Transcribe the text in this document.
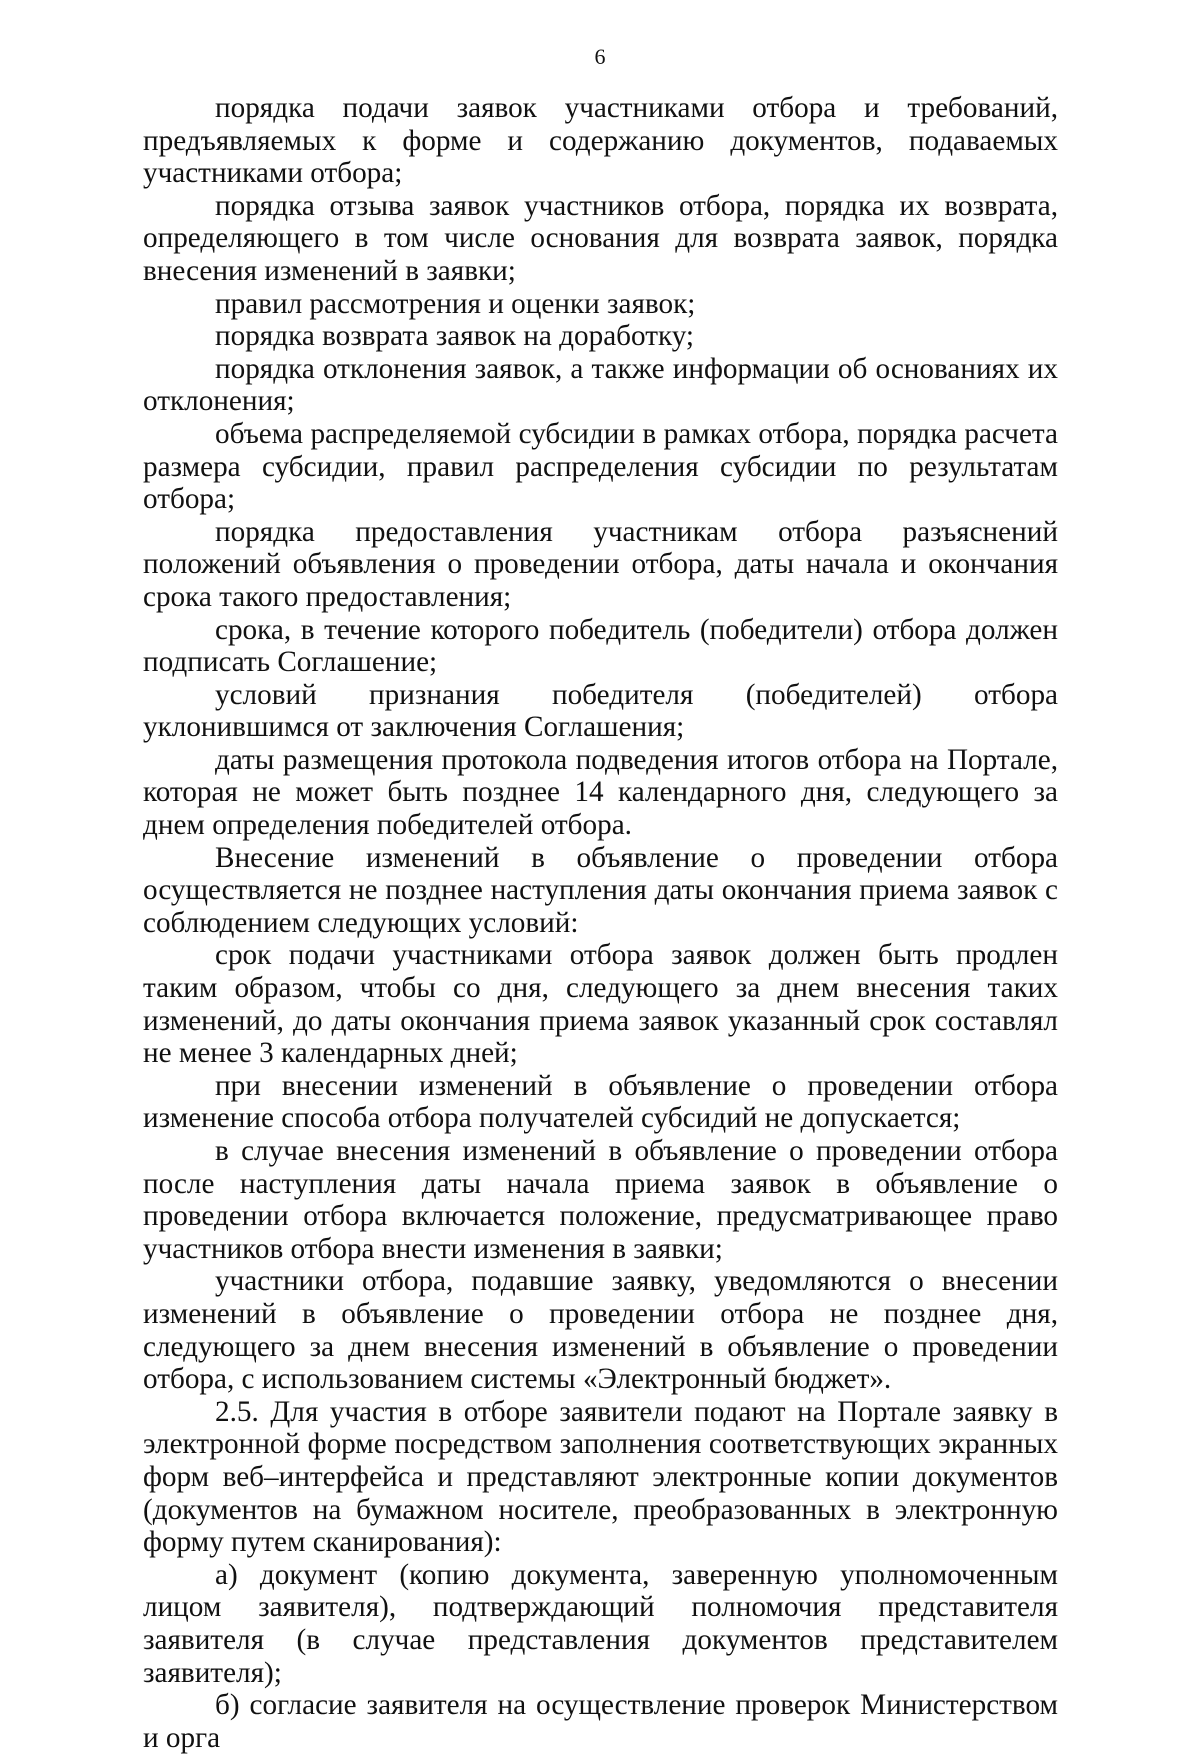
6

порядка подачи заявок участниками отбора и требований, предъявляемых к форме и содержанию документов, подаваемых участниками отбора;

порядка отзыва заявок участников отбора, порядка их возврата, определяющего в том числе основания для возврата заявок, порядка внесения изменений в заявки;

правил рассмотрения и оценки заявок;

порядка возврата заявок на доработку;

порядка отклонения заявок, а также информации об основаниях их отклонения;

объема распределяемой субсидии в рамках отбора, порядка расчета размера субсидии, правил распределения субсидии по результатам отбора;

порядка предоставления участникам отбора разъяснений положений объявления о проведении отбора, даты начала и окончания срока такого предоставления;

срока, в течение которого победитель (победители) отбора должен подписать Соглашение;

условий признания победителя (победителей) отбора уклонившимся от заключения Соглашения;

даты размещения протокола подведения итогов отбора на Портале, которая не может быть позднее 14 календарного дня, следующего за днем определения победителей отбора.

Внесение изменений в объявление о проведении отбора осуществляется не позднее наступления даты окончания приема заявок с соблюдением следующих условий:

срок подачи участниками отбора заявок должен быть продлен таким образом, чтобы со дня, следующего за днем внесения таких изменений, до даты окончания приема заявок указанный срок составлял не менее 3 календарных дней;

при внесении изменений в объявление о проведении отбора изменение способа отбора получателей субсидий не допускается;

в случае внесения изменений в объявление о проведении отбора после наступления даты начала приема заявок в объявление о проведении отбора включается положение, предусматривающее право участников отбора внести изменения в заявки;

участники отбора, подавшие заявку, уведомляются о внесении изменений в объявление о проведении отбора не позднее дня, следующего за днем внесения изменений в объявление о проведении отбора, с использованием системы «Электронный бюджет».

2.5. Для участия в отборе заявители подают на Портале заявку в электронной форме посредством заполнения соответствующих экранных форм веб–интерфейса и представляют электронные копии документов (документов на бумажном носителе, преобразованных в электронную форму путем сканирования):

а) документ (копию документа, заверенную уполномоченным лицом заявителя), подтверждающий полномочия представителя заявителя (в случае представления документов представителем заявителя);

б) согласие заявителя на осуществление проверок Министерством и орга
